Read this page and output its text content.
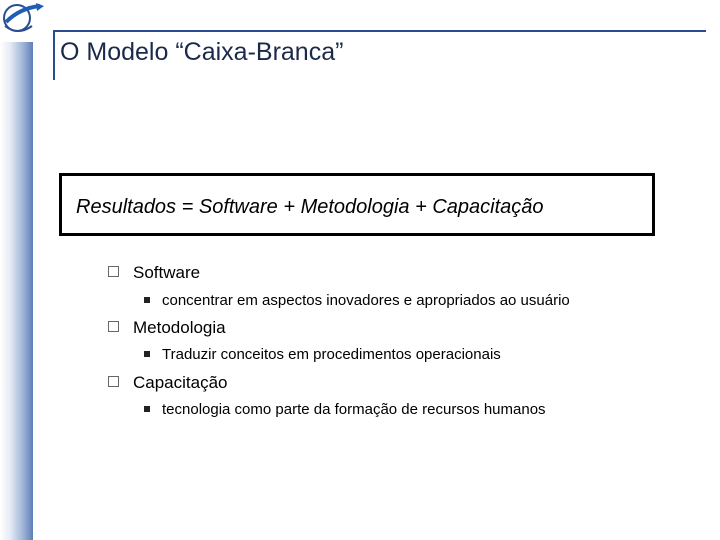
O Modelo “Caixa-Branca”
Resultados = Software + Metodologia + Capacitação
Software
concentrar em aspectos inovadores e apropriados ao usuário
Metodologia
Traduzir conceitos em procedimentos operacionais
Capacitação
tecnologia como parte da formação de recursos humanos
